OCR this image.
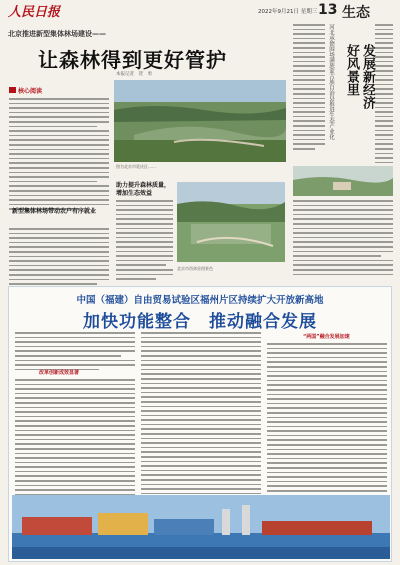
人民日报	2022年9月21日 星期三 13 生态
北京推进新型集体林场建设——
让森林得到更好管护
本报记者　贺　勇
核心阅读
新型集体林场带动农户有序就业
图为北京市延庆区……
助力提升森林质量，增加生态效益
北京市西郊首图景色
河北承德围场满族蒙古族自治县推进生态产业化 好风景里 发展新经济
中国（福建）自由贸易试验区福州片区持续扩大开放新高地
加快功能整合　推动融合发展
改革创新成效显著
“两国”融合发展加速
